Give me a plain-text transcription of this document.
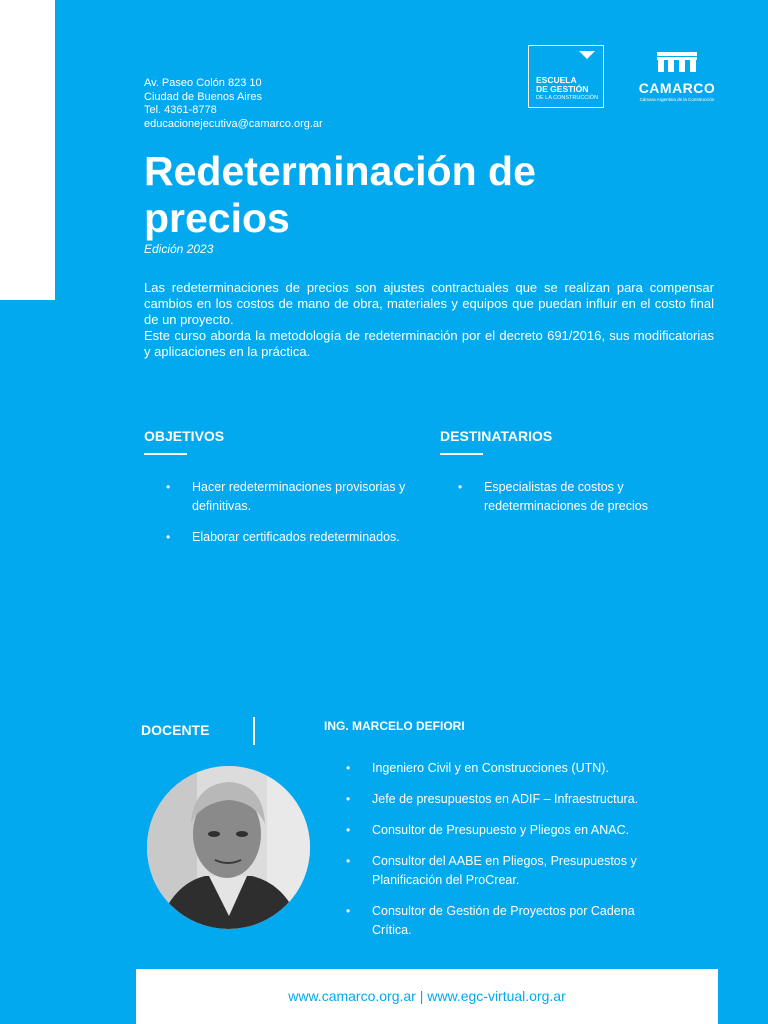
Av. Paseo Colón 823 10
Ciudad de Buenos Aires
Tel. 4361-8778
educacionejecutiva@camarco.org.ar
ESCUELA
DE GESTIÓN
DE LA CONSTRUCCIÓN
CAMARCO
Cámara Argentina de la Construcción
Redeterminación de
precios
Edición 2023

Las redeterminaciones de precios son ajustes contractuales que se realizan para compensar cambios en los costos de mano de obra, materiales y equipos que puedan influir en el costo final de un proyecto.

Este curso aborda la metodología de redeterminación por el decreto 691/2016, sus modificatorias y aplicaciones en la práctica.

OBJETIVOS
• Hacer redeterminaciones provisorias y definitivas.
• Elaborar certificados redeterminados.
DESTINATARIOS
• Especialistas de costos y redeterminaciones de precios
DOCENTE	ING. MARCELO DEFIORI
• Ingeniero Civil y en Construcciones (UTN).
• Jefe de presupuestos en ADIF – Infraestructura.
• Consultor de Presupuesto y Pliegos en ANAC.
• Consultor del AABE en Pliegos, Presupuestos y Planificación del ProCrear.
• Consultor de Gestión de Proyectos por Cadena Crítica.
www.camarco.org.ar | www.egc-virtual.org.ar
